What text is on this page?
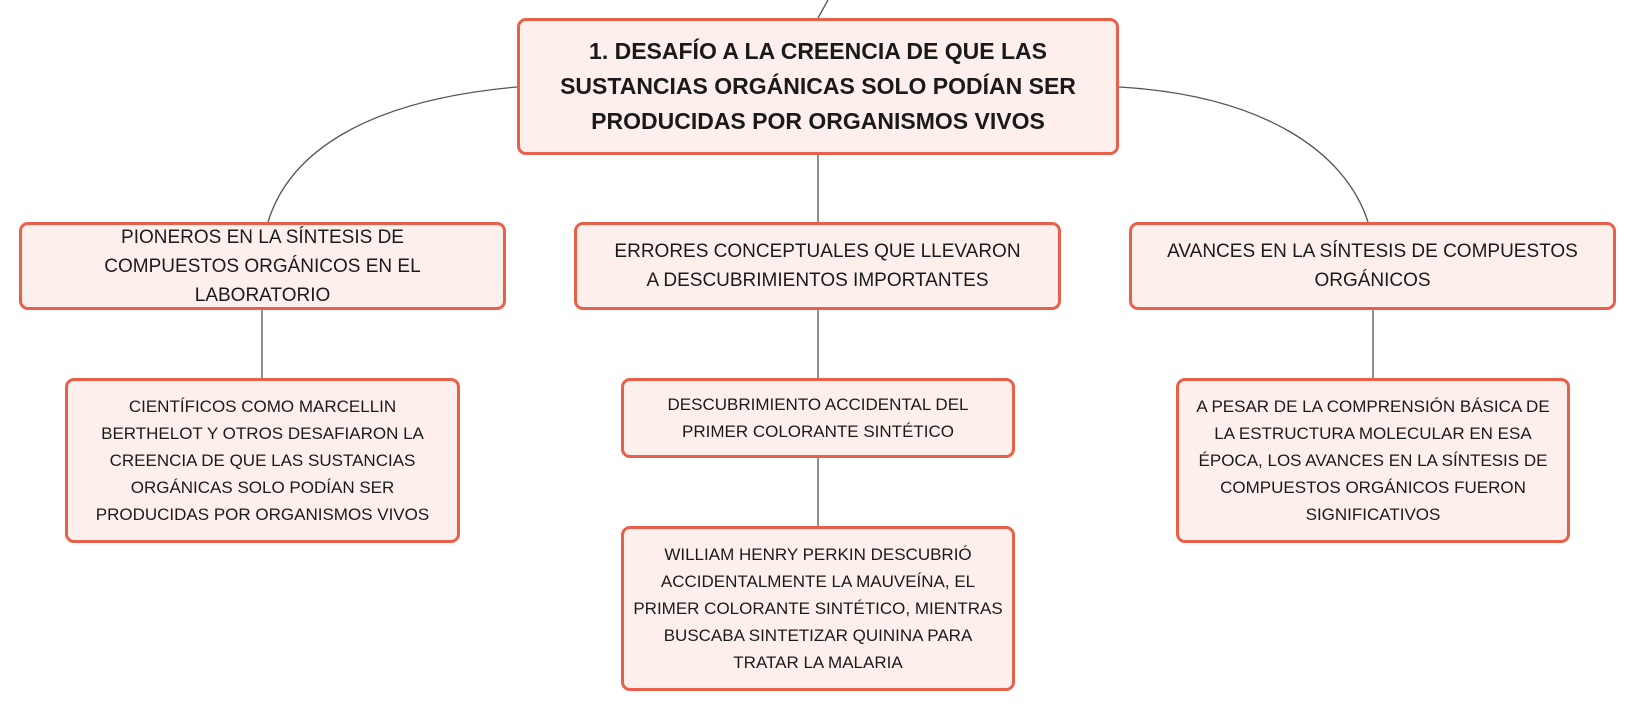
1. DESAFÍO A LA CREENCIA DE QUE LAS SUSTANCIAS ORGÁNICAS SOLO PODÍAN SER PRODUCIDAS POR ORGANISMOS VIVOS
PIONEROS EN LA SÍNTESIS DE COMPUESTOS ORGÁNICOS EN EL LABORATORIO
ERRORES CONCEPTUALES QUE LLEVARON A DESCUBRIMIENTOS IMPORTANTES
AVANCES EN LA SÍNTESIS DE COMPUESTOS ORGÁNICOS
CIENTÍFICOS COMO MARCELLIN BERTHELOT Y OTROS DESAFIARON LA CREENCIA DE QUE LAS SUSTANCIAS ORGÁNICAS SOLO PODÍAN SER PRODUCIDAS POR ORGANISMOS VIVOS
DESCUBRIMIENTO ACCIDENTAL DEL PRIMER COLORANTE SINTÉTICO
WILLIAM HENRY PERKIN DESCUBRIÓ ACCIDENTALMENTE LA MAUVEÍNA, EL PRIMER COLORANTE SINTÉTICO, MIENTRAS BUSCABA SINTETIZAR QUININA PARA TRATAR LA MALARIA
A PESAR DE LA COMPRENSIÓN BÁSICA DE LA ESTRUCTURA MOLECULAR EN ESA ÉPOCA, LOS AVANCES EN LA SÍNTESIS DE COMPUESTOS ORGÁNICOS FUERON SIGNIFICATIVOS
